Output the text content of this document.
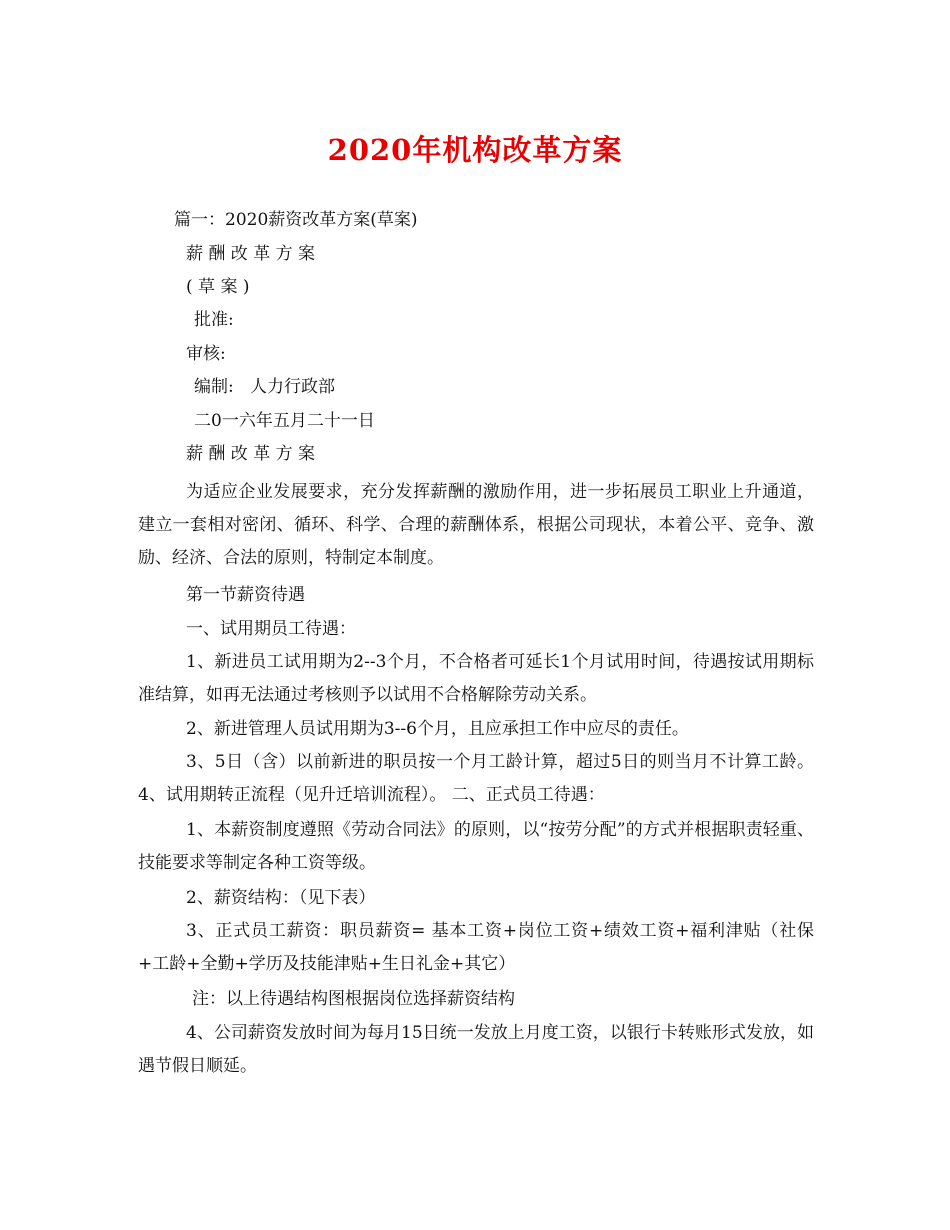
2020年机构改革方案
篇一：2020薪资改革方案(草案)
薪 酬 改 革 方 案
( 草 案 )
批准:
审核:
编制:   人力行政部
二0一六年五月二十一日
薪 酬 改 革 方 案
为适应企业发展要求，充分发挥薪酬的激励作用，进一步拓展员工职业上升通道，建立一套相对密闭、循环、科学、合理的薪酬体系，根据公司现状，本着公平、竞争、激励、经济、合法的原则，特制定本制度。
第一节薪资待遇
一、试用期员工待遇：
1、新进员工试用期为2--3个月，不合格者可延长1个月试用时间，待遇按试用期标准结算，如再无法通过考核则予以试用不合格解除劳动关系。
2、新进管理人员试用期为3--6个月，且应承担工作中应尽的责任。
3、5日（含）以前新进的职员按一个月工龄计算，超过5日的则当月不计算工龄。 4、试用期转正流程（见升迁培训流程）。 二、正式员工待遇：
1、本薪资制度遵照《劳动合同法》的原则，以“按劳分配”的方式并根据职责轻重、技能要求等制定各种工资等级。
2、薪资结构：（见下表）
3、正式员工薪资：职员薪资= 基本工资+岗位工资+绩效工资+福利津贴（社保+工龄+全勤+学历及技能津贴+生日礼金+其它）
注：以上待遇结构图根据岗位选择薪资结构
4、公司薪资发放时间为每月15日统一发放上月度工资，以银行卡转账形式发放，如遇节假日顺延。
